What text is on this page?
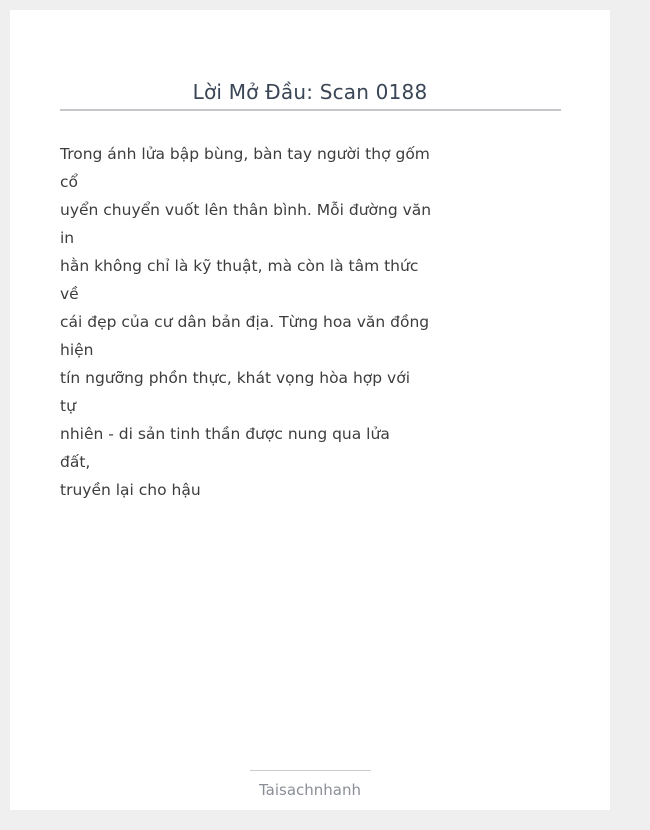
Lời Mở Đầu: Scan 0188
Trong ánh lửa bập bùng, bàn tay người thợ gốm
cổ
uyển chuyển vuốt lên thân bình. Mỗi đường văn
in
hằn không chỉ là kỹ thuật, mà còn là tâm thức
về
cái đẹp của cư dân bản địa. Từng hoa văn đồng
hiện
tín ngưỡng phồn thực, khát vọng hòa hợp với
tự
nhiên - di sản tinh thần được nung qua lửa
đất,
truyền lại cho hậu
Taisachnhanh
